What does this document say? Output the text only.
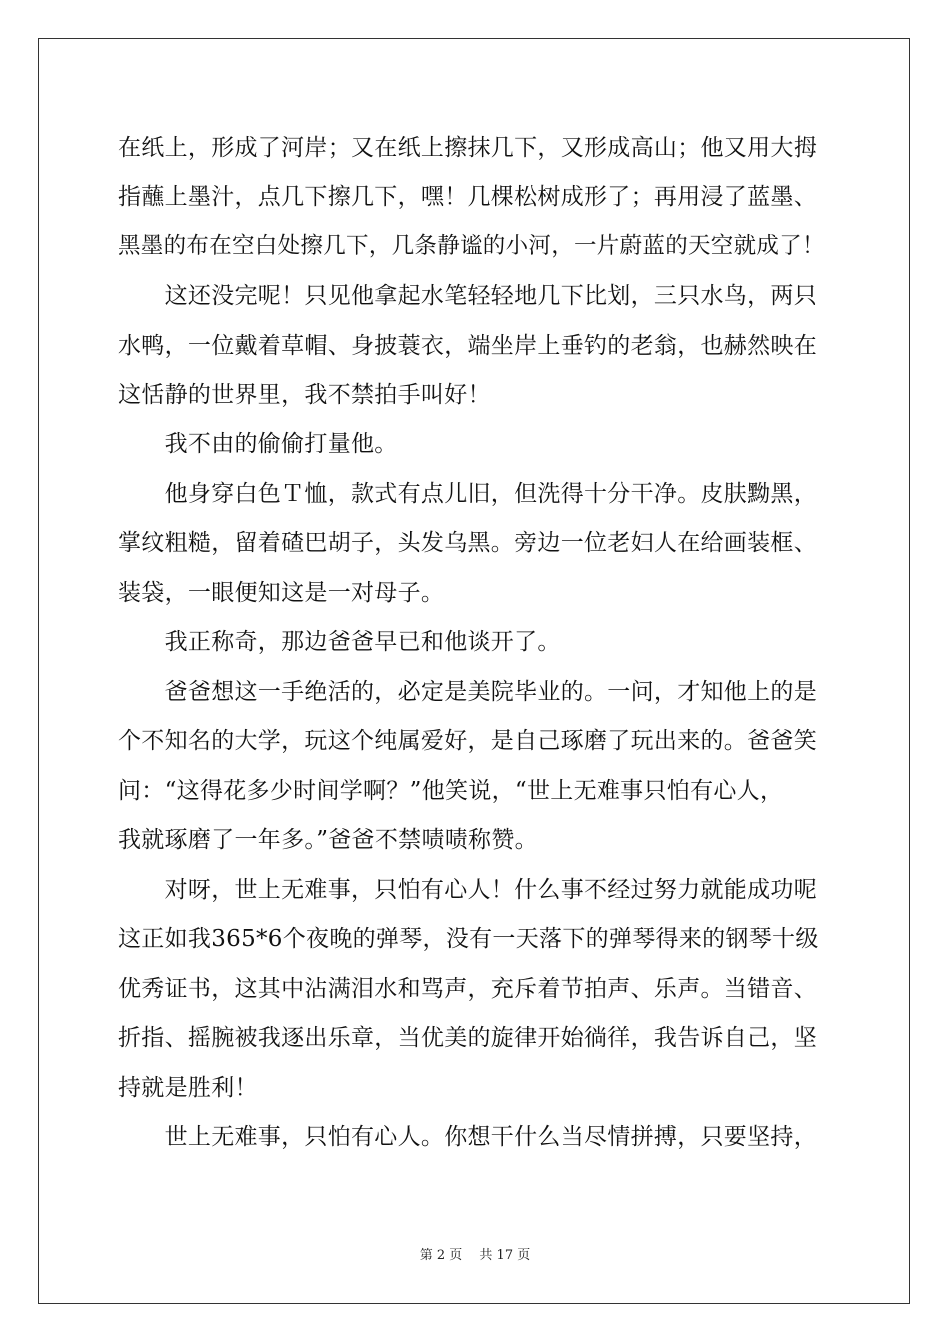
在纸上，形成了河岸；又在纸上擦抹几下，又形成高山；他又用大拇
指蘸上墨汁，点几下擦几下，嘿！几棵松树成形了；再用浸了蓝墨、
黑墨的布在空白处擦几下，几条静谧的小河，一片蔚蓝的天空就成了！
　　这还没完呢！只见他拿起水笔轻轻地几下比划，三只水鸟，两只
水鸭，一位戴着草帽、身披蓑衣，端坐岸上垂钓的老翁，也赫然映在
这恬静的世界里，我不禁拍手叫好！
　　我不由的偷偷打量他。
　　他身穿白色Ｔ恤，款式有点儿旧，但洗得十分干净。皮肤黝黑，
掌纹粗糙，留着碴巴胡子，头发乌黑。旁边一位老妇人在给画装框、
装袋，一眼便知这是一对母子。
　　我正称奇，那边爸爸早已和他谈开了。
　　爸爸想这一手绝活的，必定是美院毕业的。一问，才知他上的是
个不知名的大学，玩这个纯属爱好，是自己琢磨了玩出来的。爸爸笑
问：“这得花多少时间学啊？”他笑说，“世上无难事只怕有心人，
我就琢磨了一年多。”爸爸不禁啧啧称赞。
　　对呀，世上无难事，只怕有心人！什么事不经过努力就能成功呢
这正如我365*6个夜晚的弹琴，没有一天落下的弹琴得来的钢琴十级
优秀证书，这其中沾满泪水和骂声，充斥着节拍声、乐声。当错音、
折指、摇腕被我逐出乐章，当优美的旋律开始徜徉，我告诉自己，坚
持就是胜利！
　　世上无难事，只怕有心人。你想干什么当尽情拼搏，只要坚持，
第 2 页　 共 17 页
